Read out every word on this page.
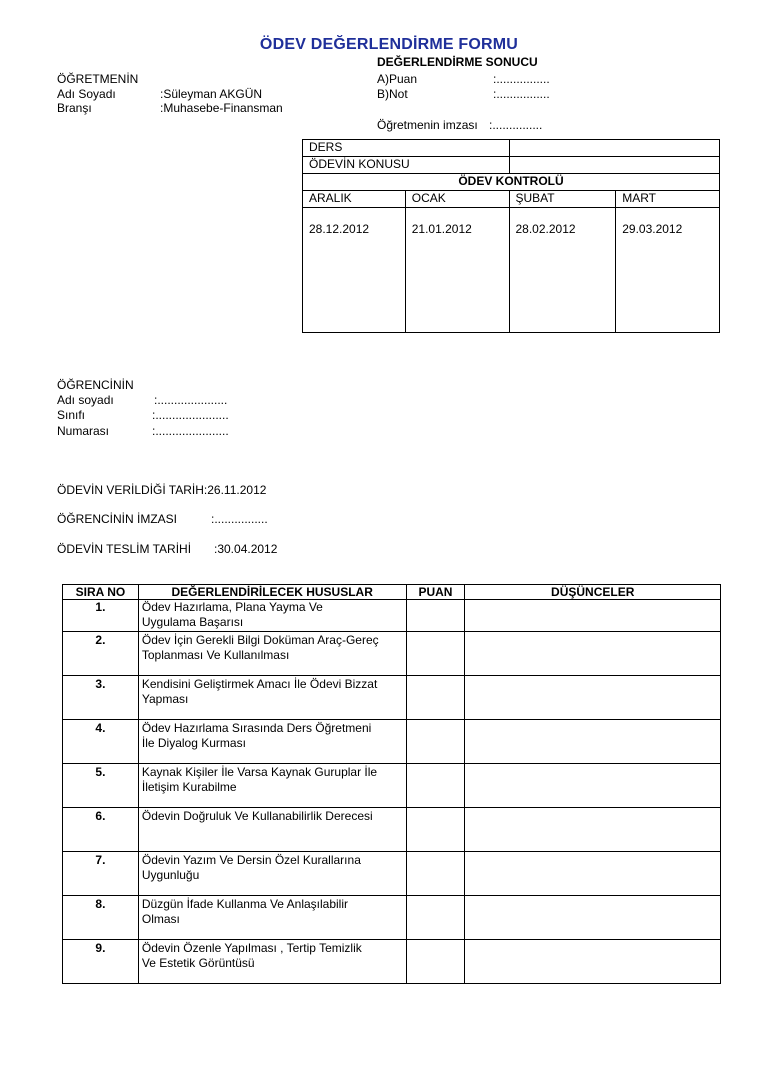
ÖDEV DEĞERLENDİRME FORMU
DEĞERLENDİRME SONUCU
A)Puan	:................
B)Not	:................
Öğretmenin imzası :...............
ÖĞRETMENİN
Adı Soyadı	:Süleyman AKGÜN
Branşı	:Muhasebe-Finansman
DERS			
ÖDEVİN KONUSU			
ÖDEV KONTROLÜ			
ARALIK	OCAK	ŞUBAT	MART
28.12.2012	21.01.2012	28.02.2012	29.03.2012
ÖĞRENCİNİN
Adı soyadı	:.....................
Sınıfı	:......................
Numarası	:......................
ÖDEVİN VERİLDİĞİ TARİH:26.11.2012
ÖĞRENCİNİN İMZASI	:................
ÖDEVİN TESLİM TARİHİ :30.04.2012
SIRA NO	DEĞERLENDİRİLECEK HUSUSLAR	PUAN	DÜŞÜNCELER
1.	Ödev Hazırlama, Plana Yayma Ve
Uygulama Başarısı		

2.	Ödev İçin Gerekli Bilgi Doküman Araç-Gereç
Toplanması Ve Kullanılması		

3.	Kendisini Geliştirmek Amacı İle Ödevi Bizzat
Yapması		

4.	Ödev Hazırlama Sırasında Ders Öğretmeni
İle Diyalog Kurması		

5.	Kaynak Kişiler İle Varsa Kaynak Guruplar İle
İletişim Kurabilme		

6.	Ödevin Doğruluk Ve Kullanabilirlik Derecesi		

7.	Ödevin Yazım Ve Dersin Özel Kurallarına
Uygunluğu		

8.	Düzgün İfade Kullanma Ve Anlaşılabilir
Olması		

9.	Ödevin Özenle Yapılması , Tertip Temizlik
Ve Estetik Görüntüsü		
